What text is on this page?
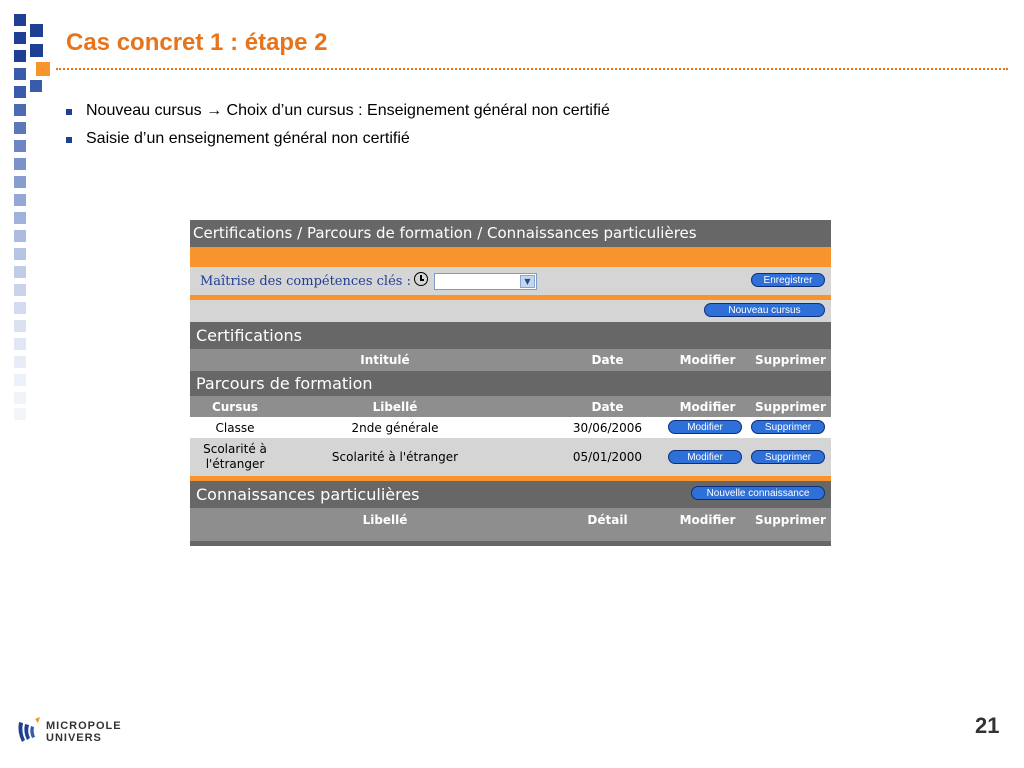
Cas concret 1 : étape 2
Nouveau cursus → Choix d’un cursus : Enseignement général non certifié
Saisie d’un enseignement général non certifié
Certifications / Parcours de formation / Connaissances particulières
Maîtrise des compétences clés :	▼	Enregistrer
Nouveau cursus
Certifications
Intitulé	Date	Modifier	Supprimer
Parcours de formation
Cursus	Libellé	Date	Modifier	Supprimer
Classe	2nde générale	30/06/2006	Modifier	Supprimer
Scolarité à l'étranger	Scolarité à l'étranger	05/01/2000	Modifier	Supprimer
Connaissances particulières	Nouvelle connaissance
Libellé	Détail	Modifier	Supprimer
MICROPOLE
UNIVERS	21
